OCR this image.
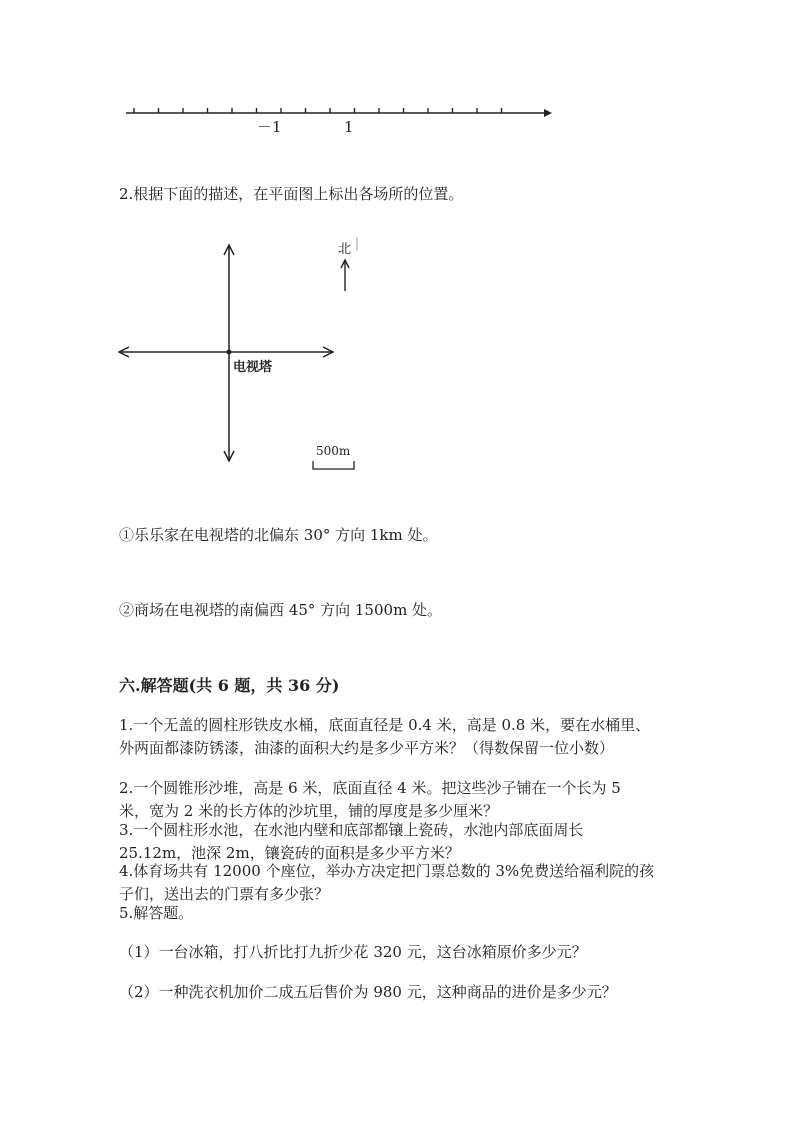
－1	1
2.根据下面的描述，在平面图上标出各场所的位置。
电视塔
北
500m
①乐乐家在电视塔的北偏东 30° 方向 1km 处。
②商场在电视塔的南偏西 45° 方向 1500m 处。
六.解答题(共 6 题，共 36 分)
1.一个无盖的圆柱形铁皮水桶，底面直径是 0.4 米，高是 0.8 米，要在水桶里、外两面都漆防锈漆，油漆的面积大约是多少平方米？（得数保留一位小数）
2.一个圆锥形沙堆，高是 6 米，底面直径 4 米。把这些沙子铺在一个长为 5 米，宽为 2 米的长方体的沙坑里，铺的厚度是多少厘米？
3.一个圆柱形水池，在水池内壁和底部都镶上瓷砖，水池内部底面周长 25.12m，池深 2m，镶瓷砖的面积是多少平方米？
4.体育场共有 12000 个座位，举办方决定把门票总数的 3%免费送给福利院的孩子们，送出去的门票有多少张？
5.解答题。
（1）一台冰箱，打八折比打九折少花 320 元，这台冰箱原价多少元？
（2）一种洗衣机加价二成五后售价为 980 元，这种商品的进价是多少元？
